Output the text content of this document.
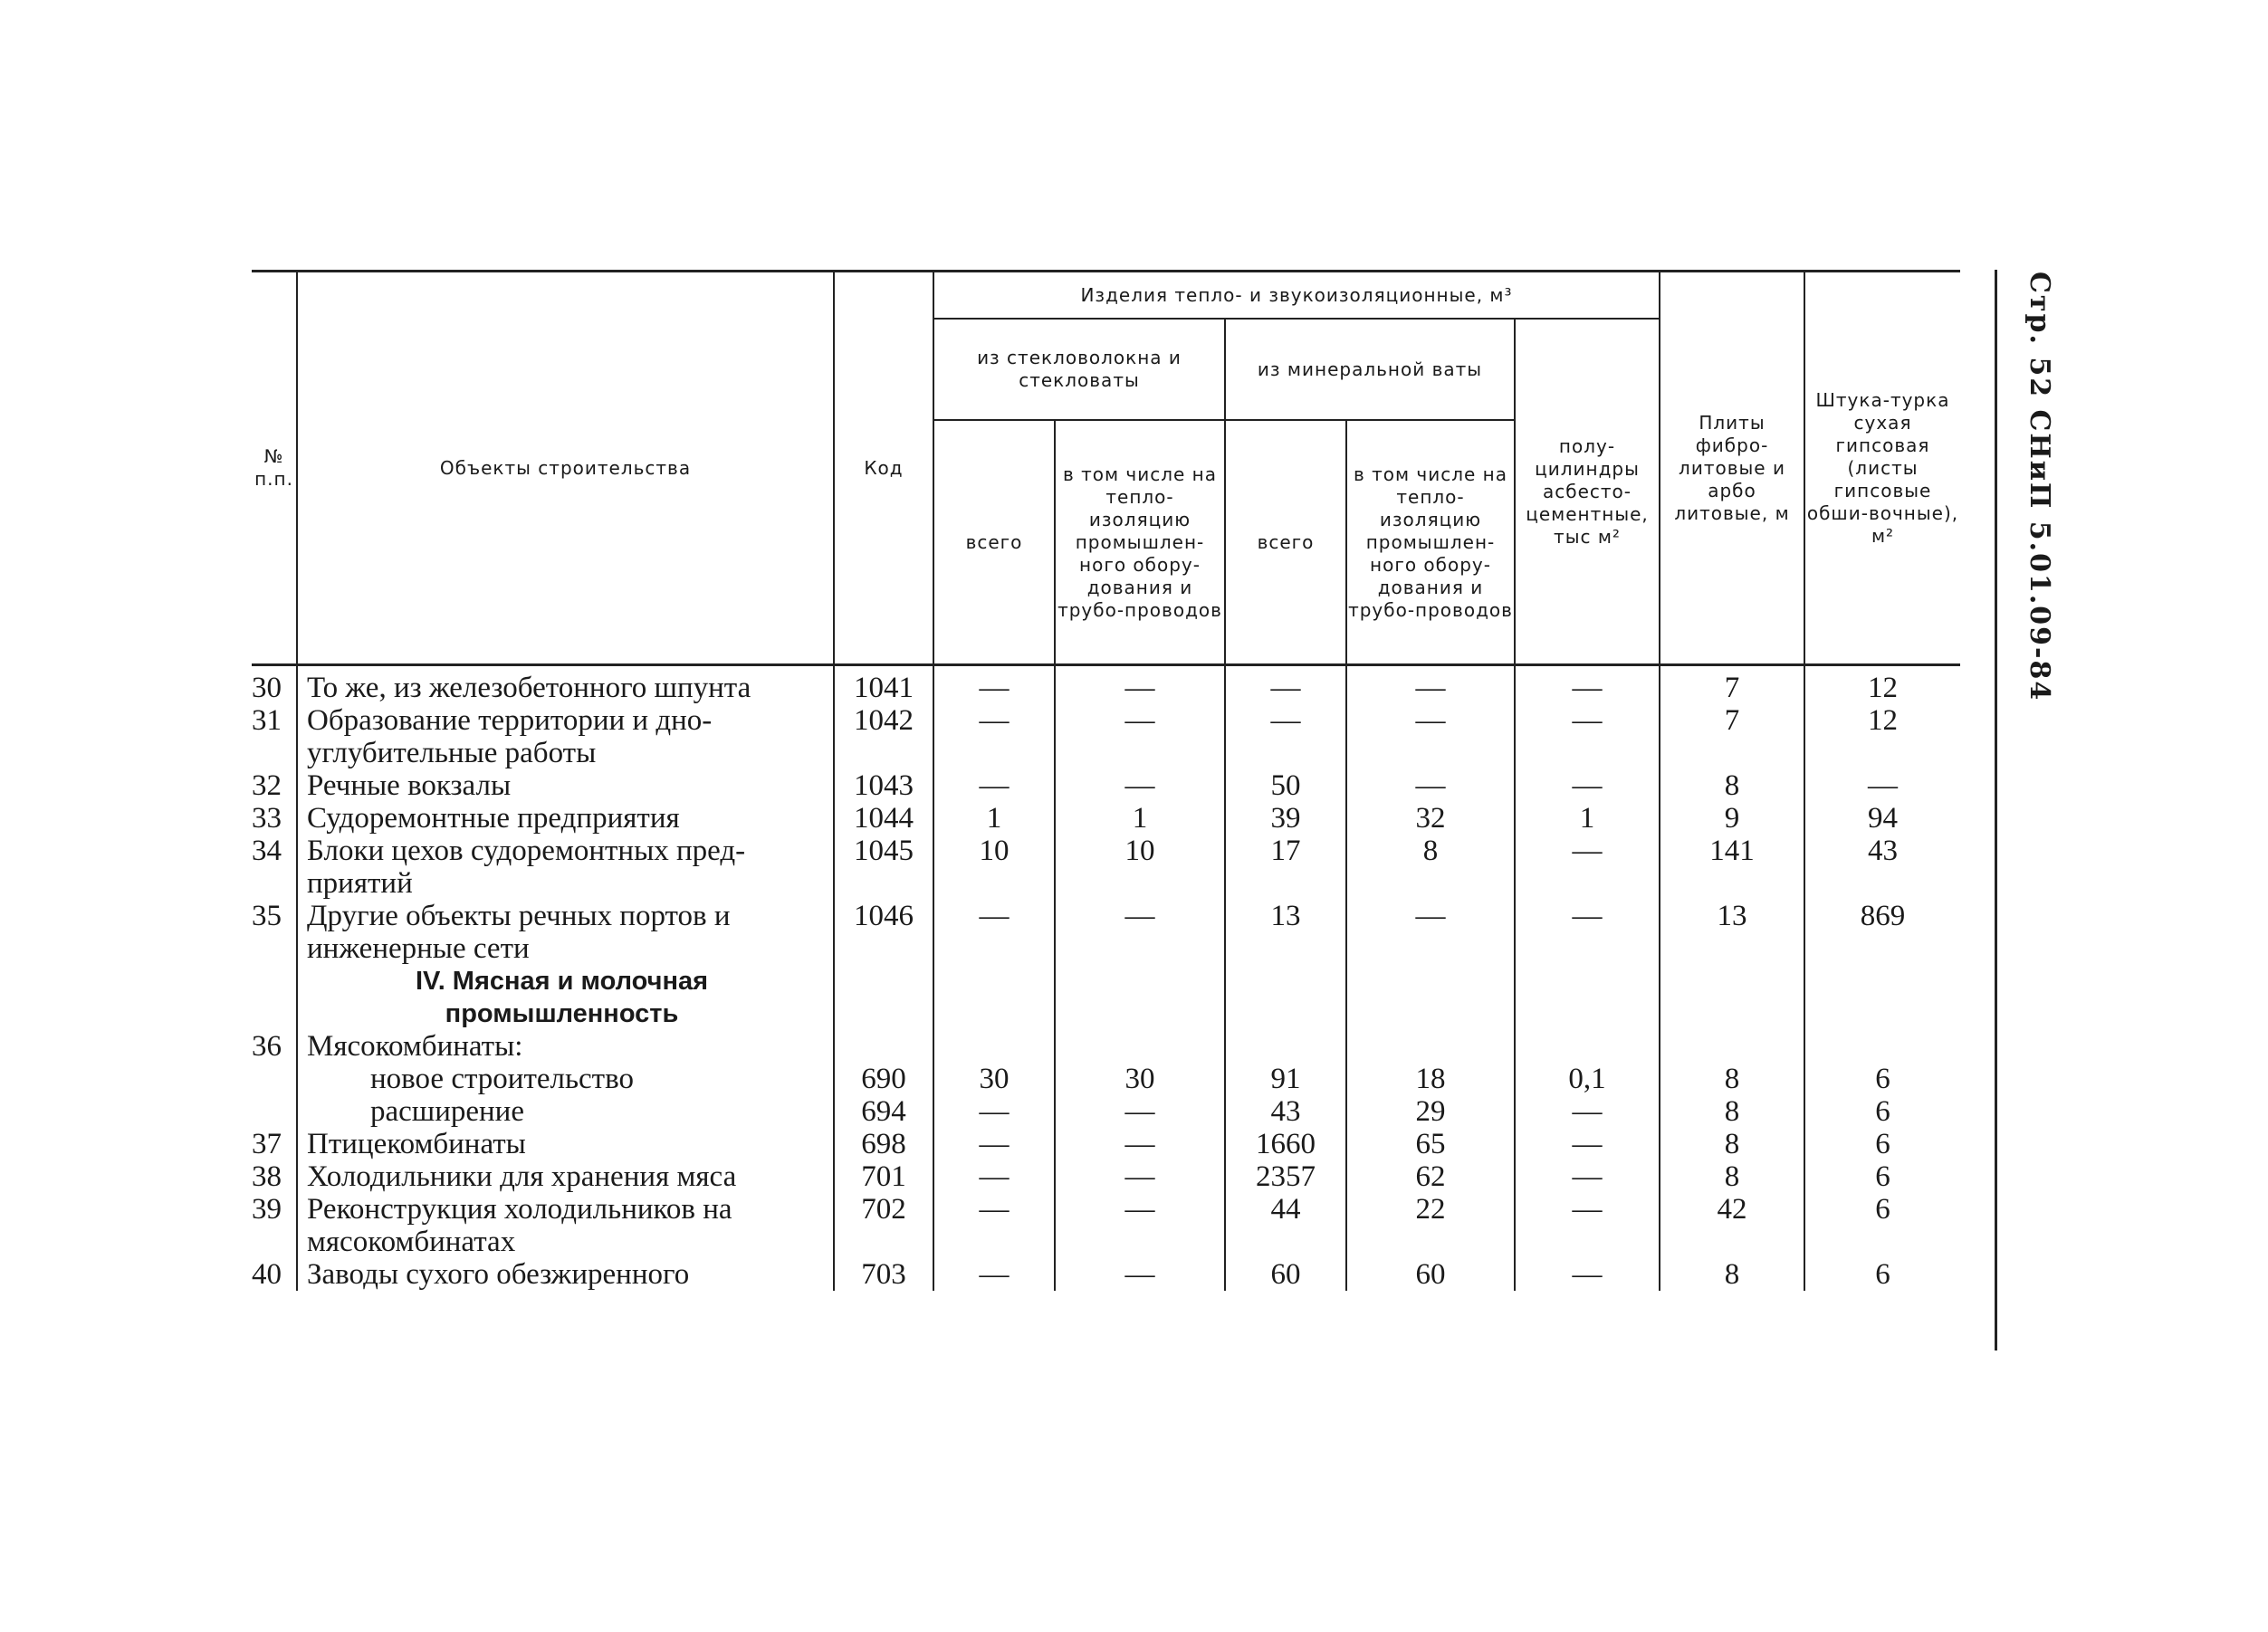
№ п.п.	Объекты строительства	Код	Изделия тепло- и звукоизоляционные, м³					Плиты фибро-литовые и арбо литовые, м	Штука-турка сухая гипсовая (листы гипсовые обши-вочные), м²
			из стекловолокна и стекловаты		из минеральной ваты		полу-цилиндры асбесто-цементные, тыс м²		
			всего	в том числе на тепло-изоляцию промышлен-ного обору-дования и трубо-проводов	всего	в том числе на тепло-изоляцию промышлен-ного обору-дования и трубо-проводов			
30	То же, из железобетонного шпунта	1041	—	—	—	—	—	7	12
31	Образование территории и дно-углубительные работы	1042	—	—	—	—	—	7	12
32	Речные вокзалы	1043	—	—	50	—	—	8	—
33	Судоремонтные предприятия	1044	1	1	39	32	1	9	94
34	Блоки цехов судоремонтных пред-приятий	1045	10	10	17	8	—	141	43
35	Другие объекты речных портов и инженерные сети	1046	—	—	13	—	—	13	869

	IV. Мясная и молочная
промышленность								

36	Мясокомбинаты:								
	новое строительство	690	30	30	91	18	0,1	8	6
	расширение	694	—	—	43	29	—	8	6
37	Птицекомбинаты	698	—	—	1660	65	—	8	6
38	Холодильники для хранения мяса	701	—	—	2357	62	—	8	6
39	Реконструкция холодильников на мясокомбинатах	702	—	—	44	22	—	42	6
40	Заводы сухого обезжиренного	703	—	—	60	60	—	8	6
Стр. 52 СНиП 5.01.09-84
